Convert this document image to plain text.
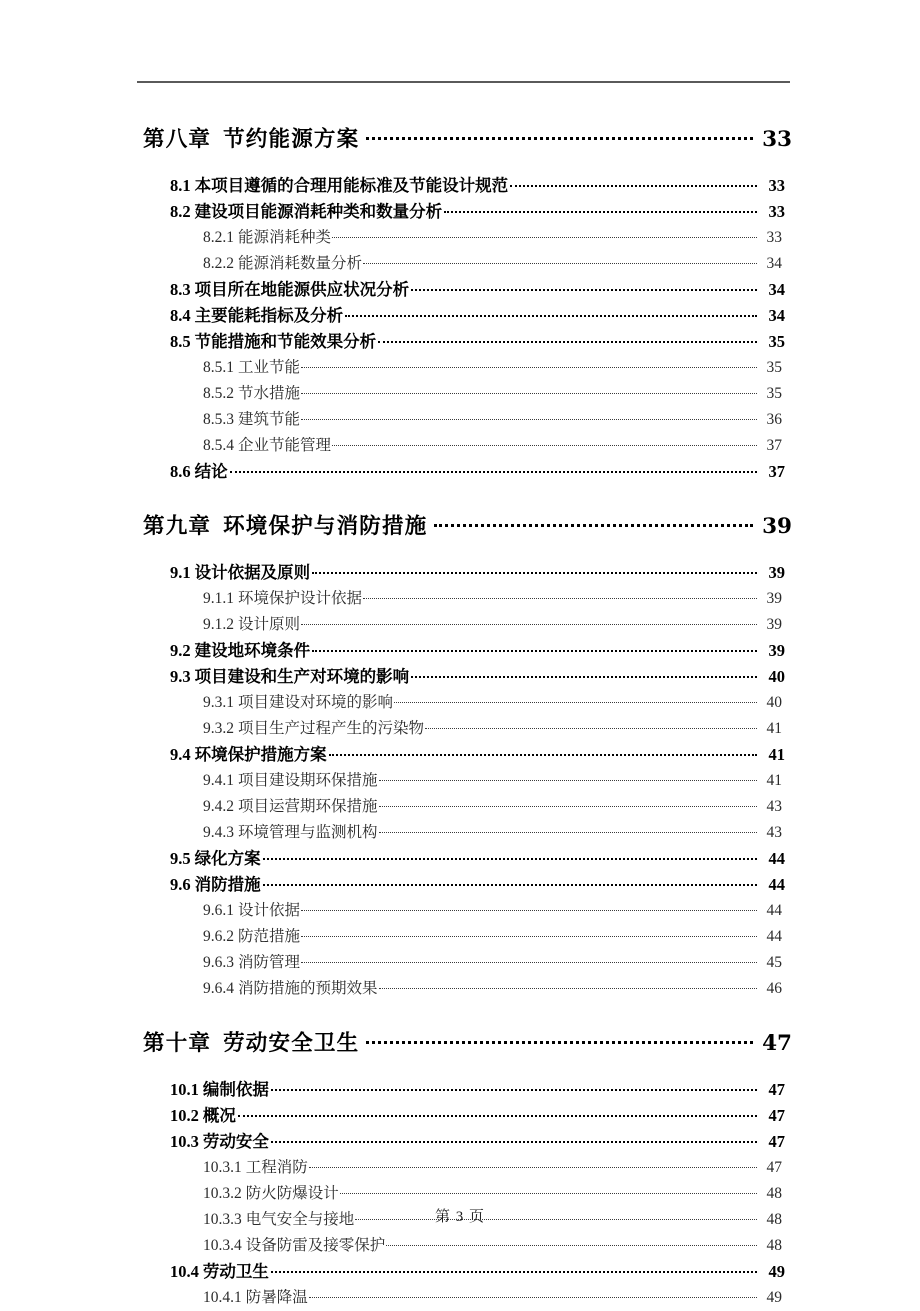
第八章 节约能源方案	33
8.1 本项目遵循的合理用能标准及节能设计规范	33
8.2 建设项目能源消耗种类和数量分析	33
8.2.1 能源消耗种类	33
8.2.2 能源消耗数量分析	34
8.3 项目所在地能源供应状况分析	34
8.4 主要能耗指标及分析	34
8.5 节能措施和节能效果分析	35
8.5.1 工业节能	35
8.5.2 节水措施	35
8.5.3 建筑节能	36
8.5.4 企业节能管理	37
8.6 结论	37
第九章 环境保护与消防措施	39
9.1 设计依据及原则	39
9.1.1 环境保护设计依据	39
9.1.2 设计原则	39
9.2 建设地环境条件	39
9.3 项目建设和生产对环境的影响	40
9.3.1 项目建设对环境的影响	40
9.3.2 项目生产过程产生的污染物	41
9.4 环境保护措施方案	41
9.4.1 项目建设期环保措施	41
9.4.2 项目运营期环保措施	43
9.4.3 环境管理与监测机构	43
9.5 绿化方案	44
9.6 消防措施	44
9.6.1 设计依据	44
9.6.2 防范措施	44
9.6.3 消防管理	45
9.6.4 消防措施的预期效果	46
第十章 劳动安全卫生	47
10.1 编制依据	47
10.2 概况	47
10.3 劳动安全	47
10.3.1 工程消防	47
10.3.2 防火防爆设计	48
10.3.3 电气安全与接地	48
10.3.4 设备防雷及接零保护	48
10.4 劳动卫生	49
10.4.1 防暑降温	49
第 3 页
